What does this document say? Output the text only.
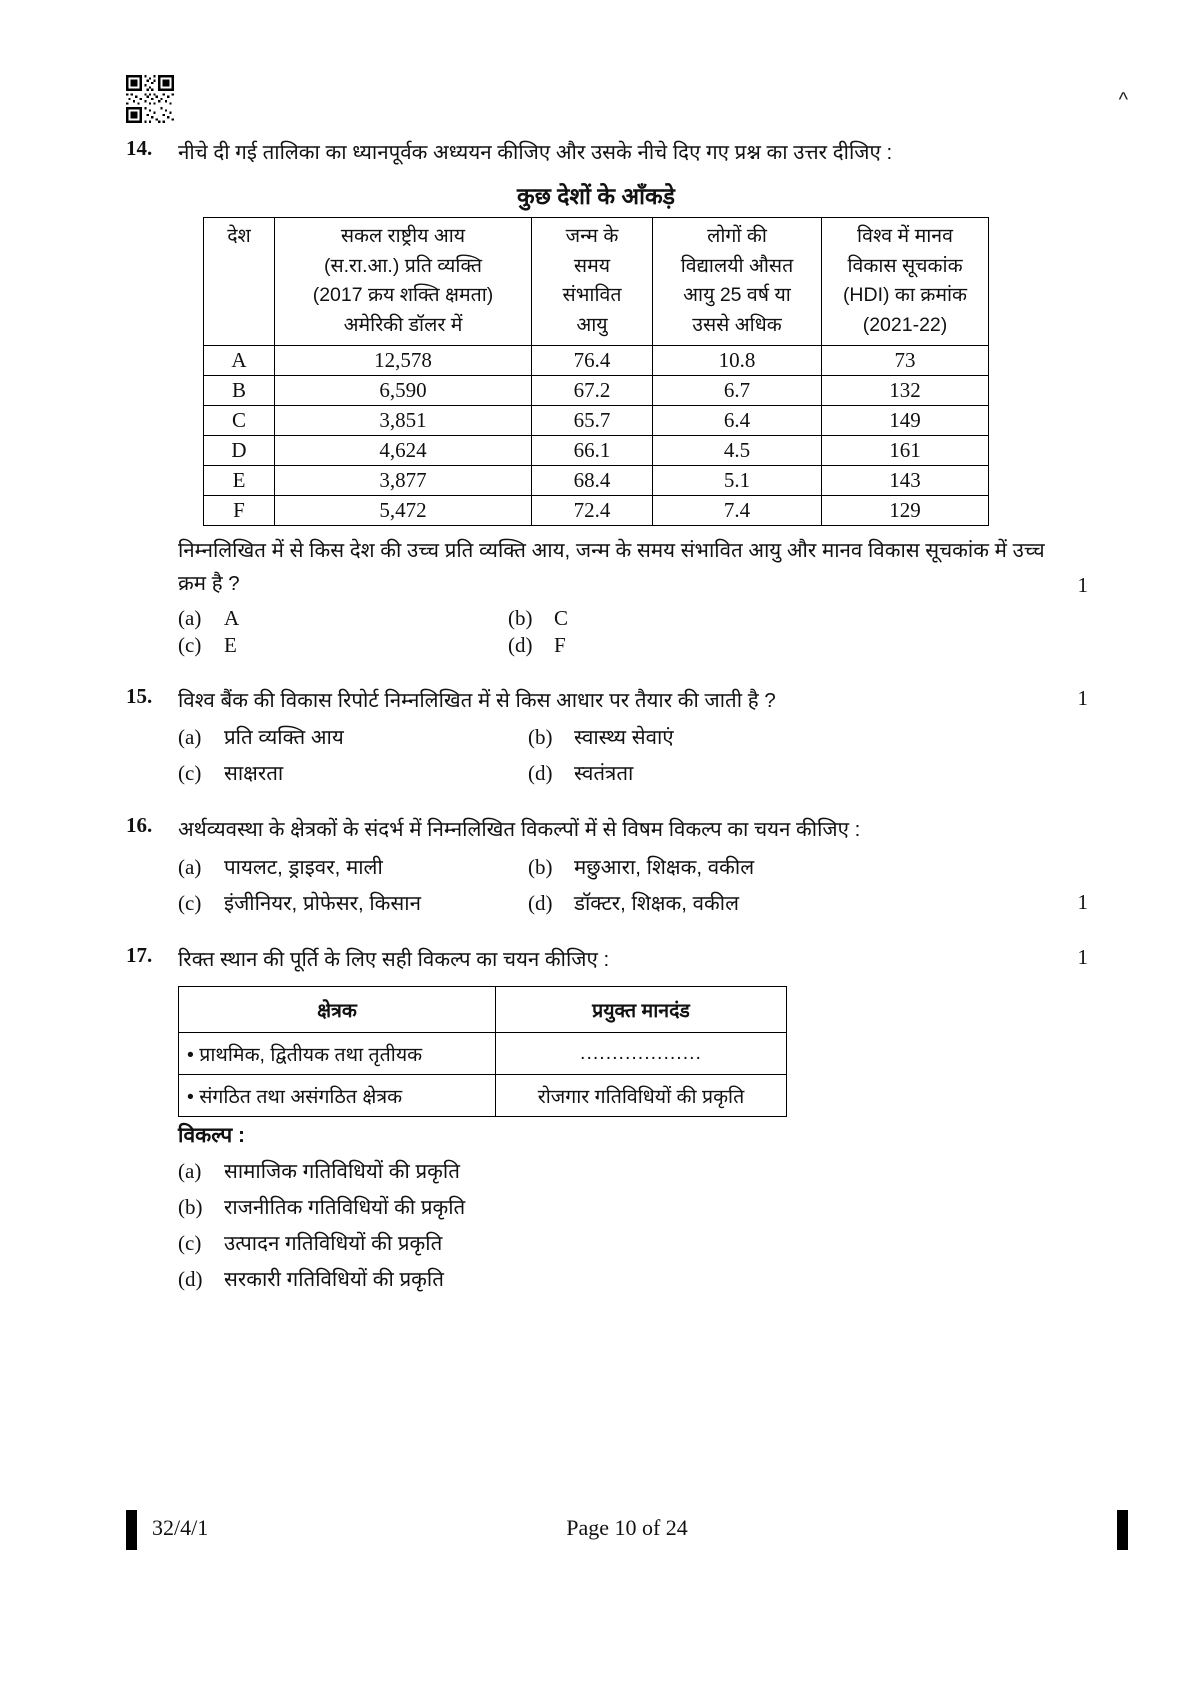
^
14.	नीचे दी गई तालिका का ध्यानपूर्वक अध्ययन कीजिए और उसके नीचे दिए गए प्रश्न का उत्तर दीजिए :
कुछ देशों के आँकड़े
देश	सकल राष्ट्रीय आय
(स.रा.आ.) प्रति व्यक्ति
(2017 क्रय शक्ति क्षमता)
अमेरिकी डॉलर में

जन्म के
समय
संभावित
आयु

लोगों की
विद्यालयी औसत
आयु 25 वर्ष या
उससे अधिक

विश्व में मानव
विकास सूचकांक
(HDI) का क्रमांक
(2021-22)

A	12,578	76.4	10.8	73
B	6,590	67.2	6.7	132
C	3,851	65.7	6.4	149
D	4,624	66.1	4.5	161
E	3,877	68.4	5.1	143
F	5,472	72.4	7.4	129
निम्नलिखित में से किस देश की उच्च प्रति व्यक्ति आय, जन्म के समय संभावित आयु और मानव विकास सूचकांक में उच्च क्रम है ?	1
(a)	A	(b)	C
(c)	E	(d)	F
15.	विश्व बैंक की विकास रिपोर्ट निम्नलिखित में से किस आधार पर तैयार की जाती है ?	1
(a)	प्रति व्यक्ति आय	(b)	स्वास्थ्य सेवाएं
(c)	साक्षरता	(d)	स्वतंत्रता
16.	अर्थव्यवस्था के क्षेत्रकों के संदर्भ में निम्नलिखित विकल्पों में से विषम विकल्प का चयन कीजिए :
1
(a)	पायलट, ड्राइवर, माली	(b)	मछुआरा, शिक्षक, वकील
(c)	इंजीनियर, प्रोफेसर, किसान	(d)	डॉक्टर, शिक्षक, वकील
17.	रिक्त स्थान की पूर्ति के लिए सही विकल्प का चयन कीजिए :	1
क्षेत्रक	प्रयुक्त मानदंड
• प्राथमिक, द्वितीयक तथा तृतीयक	...................
• संगठित तथा असंगठित क्षेत्रक	रोजगार गतिविधियों की प्रकृति
विकल्प :
(a)	सामाजिक गतिविधियों की प्रकृति
(b)	राजनीतिक गतिविधियों की प्रकृति
(c)	उत्पादन गतिविधियों की प्रकृति
(d)	सरकारी गतिविधियों की प्रकृति
32/4/1	Page 10 of 24
